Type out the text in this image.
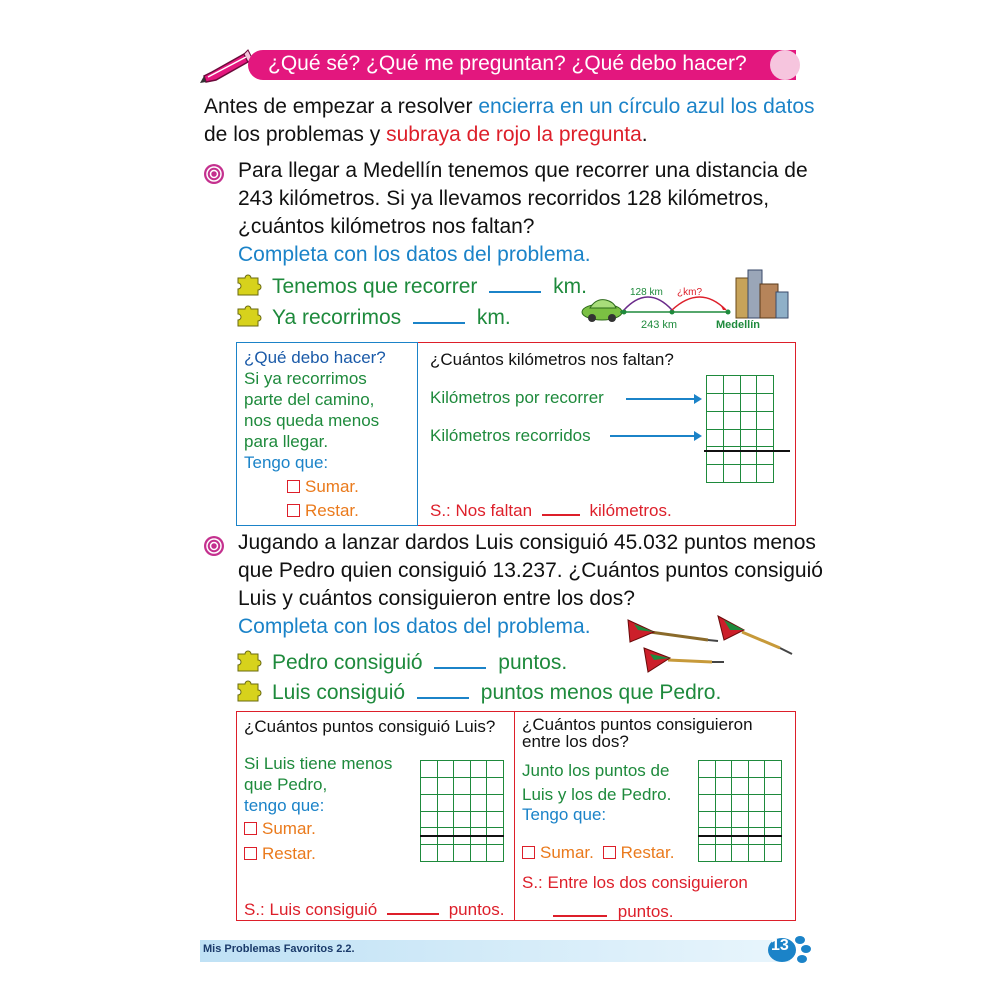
¿Qué sé? ¿Qué me preguntan? ¿Qué debo hacer?
Antes de empezar a resolver encierra en un círculo azul los datos
de los problemas y subraya de rojo la pregunta.
Para llegar a Medellín tenemos que recorrer una distancia de
243 kilómetros. Si ya llevamos recorridos 128 kilómetros,
¿cuántos kilómetros nos faltan?
Completa con los datos del problema.
Tenemos que recorrer	km.
Ya recorrimos	km.
128 km ¿km?
243 km	Medellín
¿Qué debo hacer?
Si ya recorrimos
parte del camino,
nos queda menos
para llegar.
Tengo que:
Sumar.
Restar.
¿Cuántos kilómetros nos faltan?
Kilómetros por recorrer
Kilómetros recorridos
S.: Nos faltan	kilómetros.
Jugando a lanzar dardos Luis consiguió 45.032 puntos menos
que Pedro quien consiguió 13.237. ¿Cuántos puntos consiguió
Luis y cuántos consiguieron entre los dos?
Completa con los datos del problema.
Pedro consiguió	puntos.
Luis consiguió	puntos menos que Pedro.
¿Cuántos puntos consiguió Luis?
Si Luis tiene menos
que Pedro,
tengo que:
Sumar.
Restar.
S.: Luis consiguió	puntos.
¿Cuántos puntos consiguieron
entre los dos?
Junto los puntos de
Luis y los de Pedro.
Tengo que:
Sumar. Restar.
S.: Entre los dos consiguieron
puntos.
Mis Problemas Favoritos 2.2.	13
